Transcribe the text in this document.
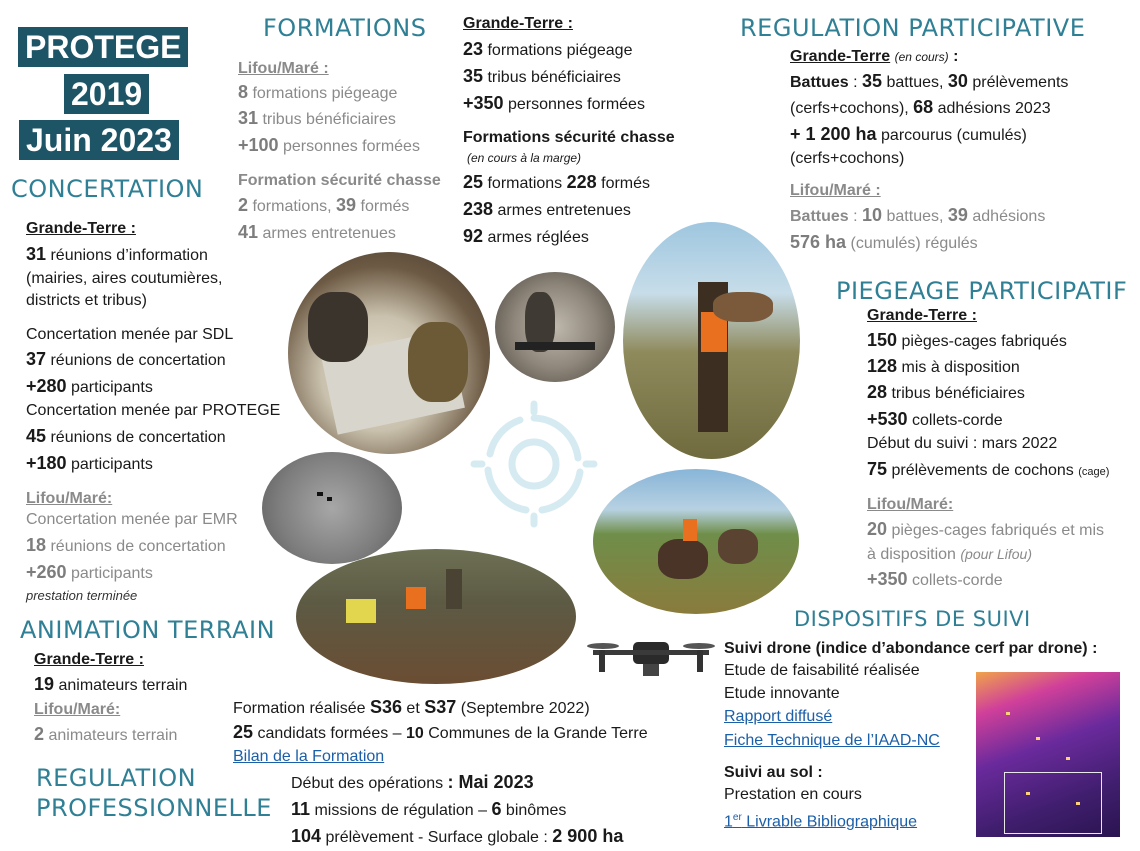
PROTEGE
2019
Juin 2023
CONCERTATION
Grande-Terre :
31 réunions d’information
(mairies, aires coutumières,
districts et tribus)
Concertation menée par SDL
37 réunions de concertation
+280 participants
Concertation menée par PROTEGE
45 réunions de concertation
+180 participants
Lifou/Maré:
Concertation menée par EMR
18 réunions de concertation
+260 participants
prestation terminée
FORMATIONS
Lifou/Maré :
8 formations piégeage
31 tribus bénéficiaires
+100 personnes formées
Formation sécurité chasse
2 formations, 39 formés
41 armes entretenues
Grande-Terre :
23 formations piégeage
35 tribus bénéficiaires
+350 personnes formées
Formations sécurité chasse
(en cours à la marge)
25 formations 228 formés
238 armes entretenues
92 armes réglées
REGULATION PARTICIPATIVE
Grande-Terre (en cours) :
Battues : 35 battues, 30 prélèvements
(cerfs+cochons), 68 adhésions 2023
+ 1 200 ha parcourus (cumulés)
(cerfs+cochons)
Lifou/Maré :
Battues : 10 battues, 39 adhésions
576 ha (cumulés) régulés
PIEGEAGE PARTICIPATIF
Grande-Terre :
150 pièges-cages fabriqués
128 mis à disposition
28 tribus bénéficiaires
+530 collets-corde
Début du suivi : mars 2022
75 prélèvements de cochons (cage)
Lifou/Maré:
20 pièges-cages fabriqués et mis
à disposition (pour Lifou)
+350 collets-corde
ANIMATION TERRAIN
Grande-Terre :
19 animateurs terrain
Lifou/Maré:
2 animateurs terrain
Formation réalisée S36 et S37 (Septembre 2022)
25 candidats formées – 10 Communes de la Grande Terre
Bilan de la Formation
REGULATION
PROFESSIONNELLE
Début des opérations : Mai 2023
11 missions de régulation – 6 binômes
104 prélèvement - Surface globale : 2 900 ha
DISPOSITIFS DE SUIVI
Suivi drone (indice d’abondance cerf par drone) :
Etude de faisabilité réalisée
Etude innovante
Rapport diffusé
Fiche Technique de l’IAAD-NC
Suivi au sol :
Prestation en cours
1er Livrable Bibliographique
